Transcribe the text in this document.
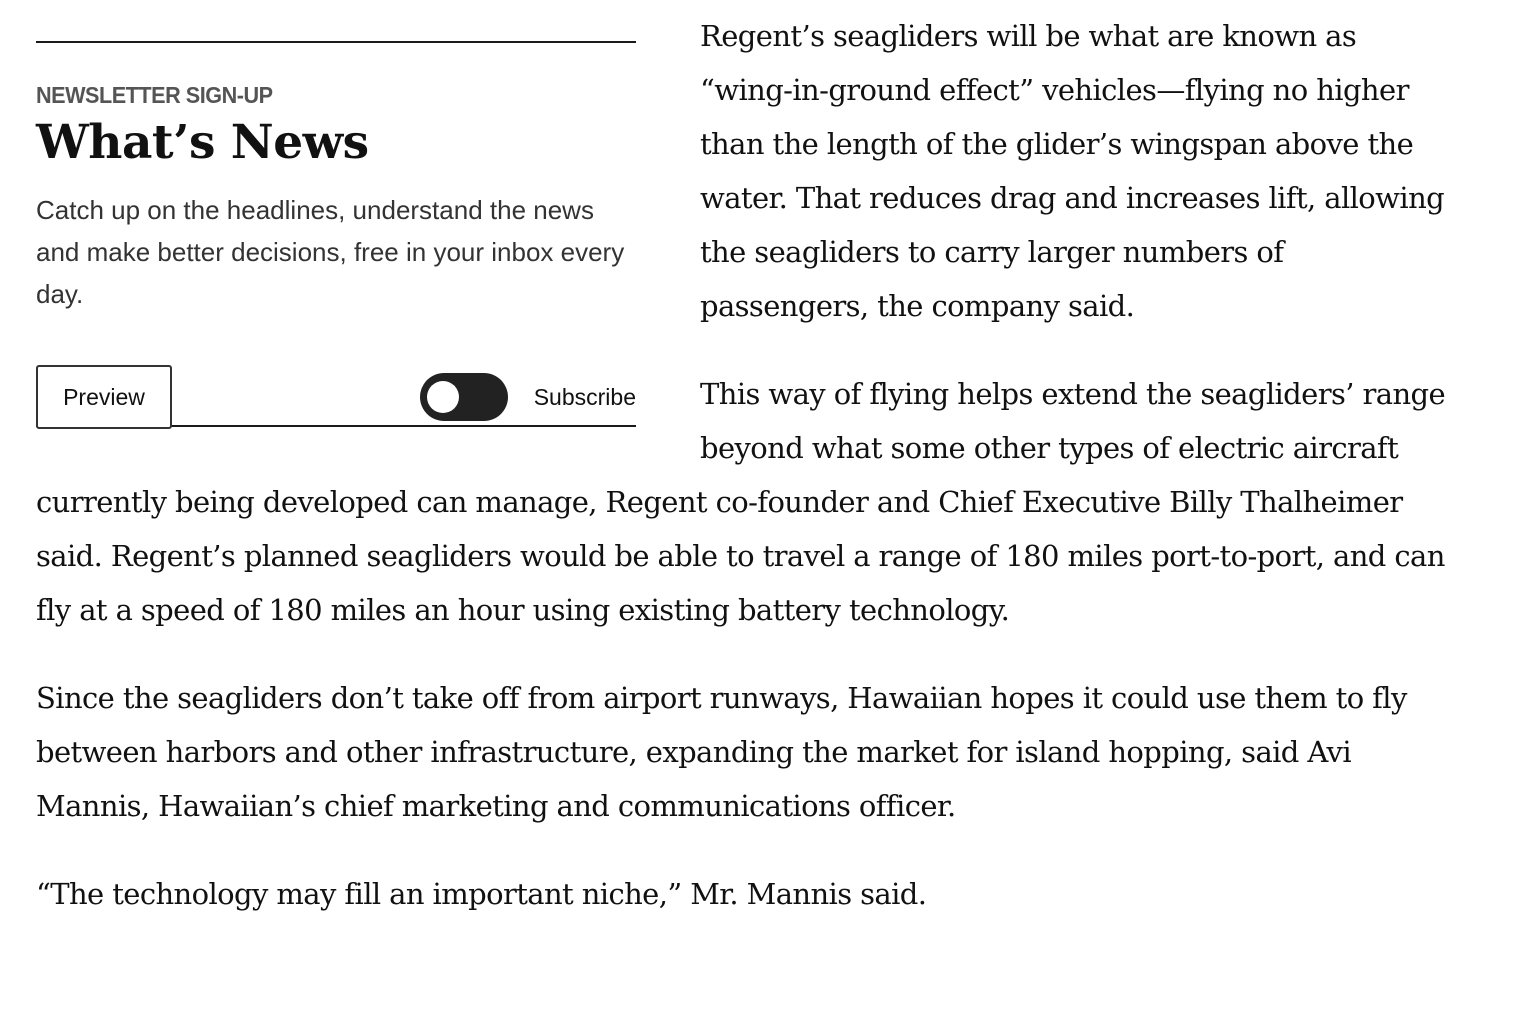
NEWSLETTER SIGN-UP
What’s News
Catch up on the headlines, understand the news and make better decisions, free in your inbox every day.
Preview	Subscribe

Regent’s seagliders will be what are known as “wing-in-ground effect” vehicles—flying no higher than the length of the glider’s wingspan above the water. That reduces drag and increases lift, allowing the seagliders to carry larger numbers of passengers, the company said.

This way of flying helps extend the seagliders’ range beyond what some other types of electric aircraft currently being developed can manage, Regent co-founder and Chief Executive Billy Thalheimer said. Regent’s planned seagliders would be able to travel a range of 180 miles port-to-port, and can fly at a speed of 180 miles an hour using existing battery technology.

Since the seagliders don’t take off from airport runways, Hawaiian hopes it could use them to fly between harbors and other infrastructure, expanding the market for island hopping, said Avi Mannis, Hawaiian’s chief marketing and communications officer.

“The technology may fill an important niche,” Mr. Mannis said.
